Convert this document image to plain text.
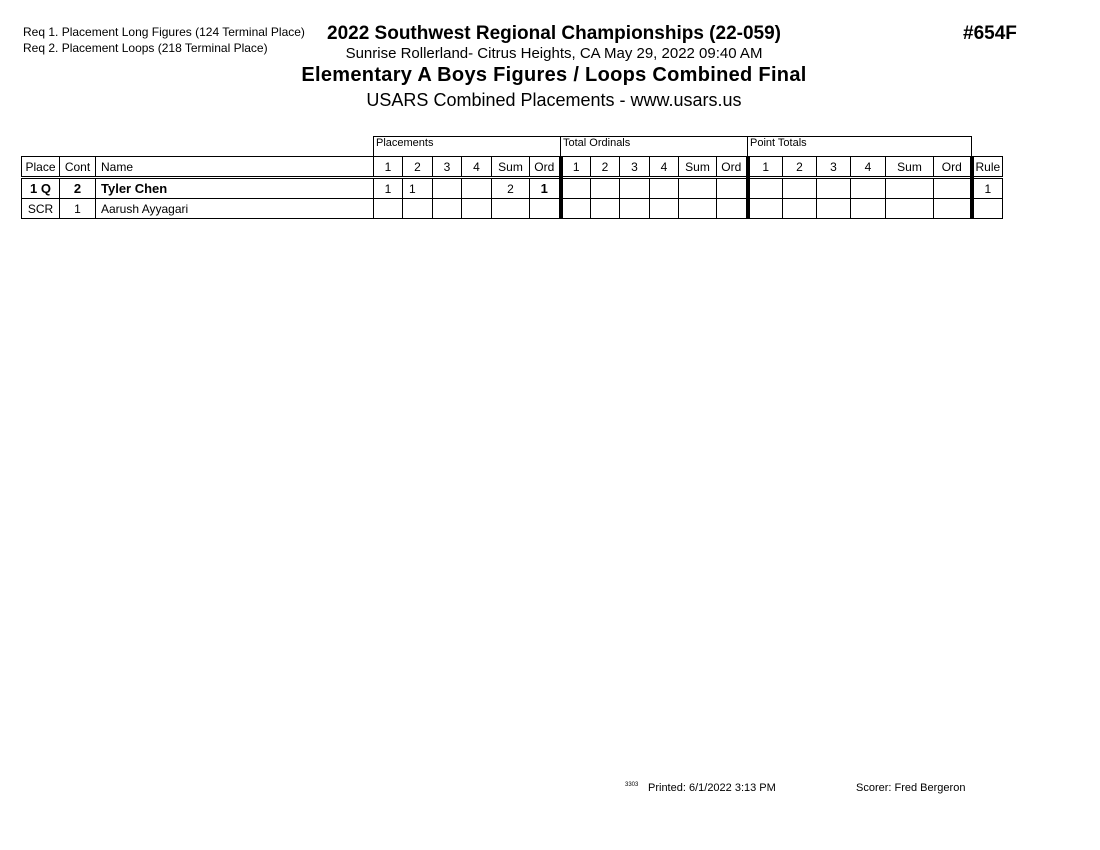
Req 1. Placement Long Figures (124 Terminal Place)
Req 2. Placement Loops (218 Terminal Place)
2022 Southwest Regional Championships (22-059)
Sunrise Rollerland- Citrus Heights, CA May 29, 2022 09:40 AM
Elementary A Boys Figures / Loops Combined Final
USARS Combined Placements - www.usars.us
#654F
			Placements						Total Ordinals						Point Totals						
Place	Cont	Name	1	2	3	4	Sum	Ord	1	2	3	4	Sum	Ord	1	2	3	4	Sum	Ord	Rule
1 Q	2	Tyler Chen	1	1			2	1													1
SCR	1	Aarush Ayyagari																			
3303 Printed: 6/1/2022 3:13 PM	Scorer: Fred Bergeron
